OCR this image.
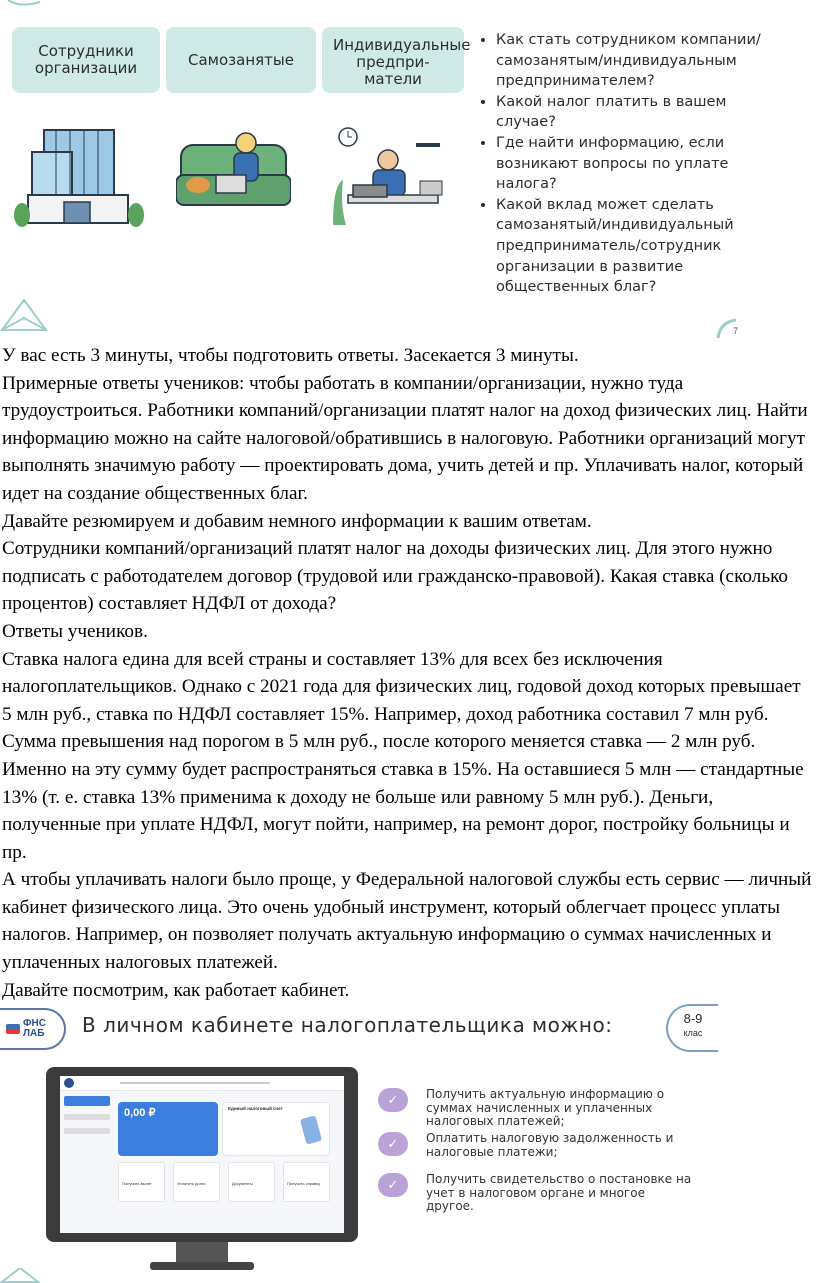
Сотрудники организации	Самозанятые
Индивидуальные предпри-матели
• Как стать сотрудником компании/самозанятым/индивидуальным предпринимателем?
• Какой налог платить в вашем случае?
• Где найти информацию, если возникают вопросы по уплате налога?
• Какой вклад может сделать самозанятый/индивидуальный предприниматель/сотрудник организации в развитие общественных благ?
7

У вас есть 3 минуты, чтобы подготовить ответы. Засекается 3 минуты.

Примерные ответы учеников: чтобы работать в компании/организации, нужно туда трудоустроиться. Работники компаний/организации платят налог на доход физических лиц. Найти информацию можно на сайте налоговой/обратившись в налоговую. Работники организаций могут выполнять значимую работу — проектировать дома, учить детей и пр. Уплачивать налог, который идет на создание общественных благ.

Давайте резюмируем и добавим немного информации к вашим ответам.

Сотрудники компаний/организаций платят налог на доходы физических лиц. Для этого нужно подписать с работодателем договор (трудовой или гражданско-правовой). Какая ставка (сколько процентов) составляет НДФЛ от дохода?

Ответы учеников.

Ставка налога едина для всей страны и составляет 13% для всех без исключения налогоплательщиков. Однако с 2021 года для физических лиц, годовой доход которых превышает 5 млн руб., ставка по НДФЛ составляет 15%. Например, доход работника составил 7 млн руб. Сумма превышения над порогом в 5 млн руб., после которого меняется ставка — 2 млн руб. Именно на эту сумму будет распространяться ставка в 15%. На оставшиеся 5 млн — стандартные 13% (т. е. ставка 13% применима к доходу не больше или равному 5 млн руб.). Деньги, полученные при уплате НДФЛ, могут пойти, например, на ремонт дорог, постройку больницы и пр.

А чтобы уплачивать налоги было проще, у Федеральной налоговой службы есть сервис — личный кабинет физического лица. Это очень удобный инструмент, который облегчает процесс уплаты налогов. Например, он позволяет получать актуальную информацию о суммах начисленных и уплаченных налоговых платежей.

Давайте посмотрим, как работает кабинет.

ФНС ЛАБ В личном кабинете налогоплательщика можно:	8-9
клас
0,00 ₽	Единый налоговый счет
Получить вычет	Уплатить долги	Документы	Получить справку
✓	Получить актуальную информацию о суммах начисленных и уплаченных налоговых платежей;
✓	Оплатить налоговую задолженность и налоговые платежи;
✓	Получить свидетельство о постановке на учет в налоговом органе и многое другое.
